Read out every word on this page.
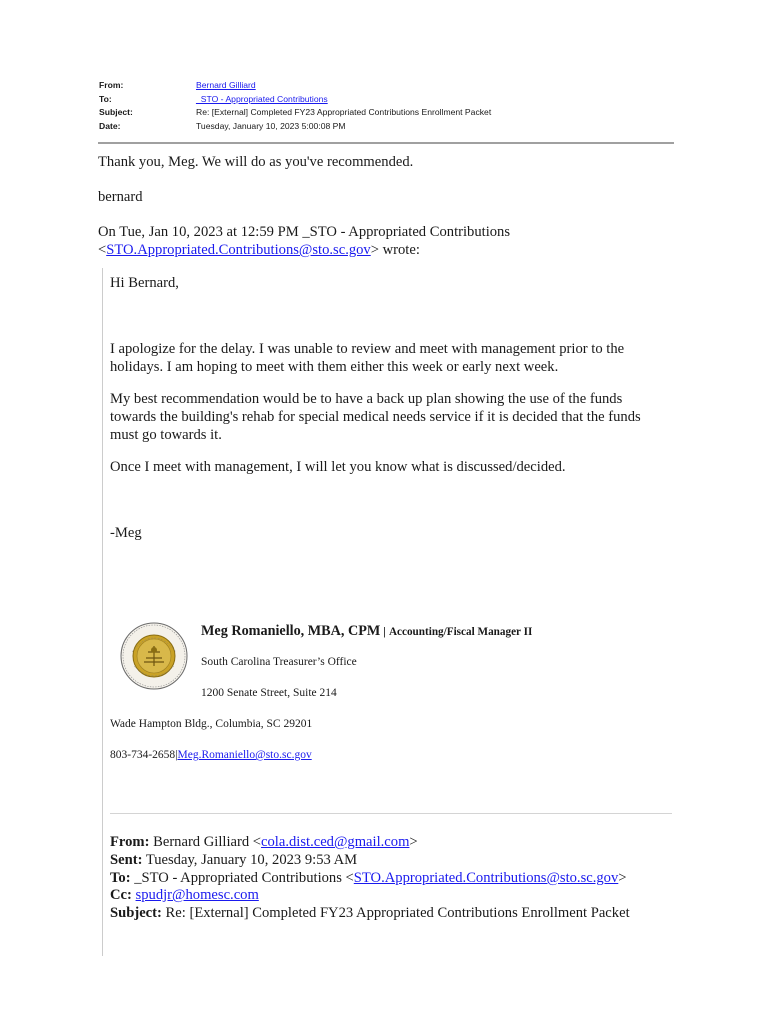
From:	Bernard Gilliard
To:	_STO - Appropriated Contributions
Subject:	Re: [External] Completed FY23 Appropriated Contributions Enrollment Packet
Date:	Tuesday, January 10, 2023 5:00:08 PM
Thank you, Meg. We will do as you've recommended.
bernard
On Tue, Jan 10, 2023 at 12:59 PM _STO - Appropriated Contributions
<STO.Appropriated.Contributions@sto.sc.gov> wrote:
Hi Bernard,
I apologize for the delay. I was unable to review and meet with management prior to the
holidays. I am hoping to meet with them either this week or early next week.
My best recommendation would be to have a back up plan showing the use of the funds
towards the building's rehab for special medical needs service if it is decided that the funds
must go towards it.
Once I meet with management, I will let you know what is discussed/decided.
-Meg
Meg Romaniello, MBA, CPM | Accounting/Fiscal Manager II
South Carolina Treasurer’s Office
1200 Senate Street, Suite 214
Wade Hampton Bldg., Columbia, SC 29201
803-734-2658|Meg.Romaniello@sto.sc.gov
From: Bernard Gilliard <cola.dist.ced@gmail.com>
Sent: Tuesday, January 10, 2023 9:53 AM
To: _STO - Appropriated Contributions <STO.Appropriated.Contributions@sto.sc.gov>
Cc: spudjr@homesc.com
Subject: Re: [External] Completed FY23 Appropriated Contributions Enrollment Packet
